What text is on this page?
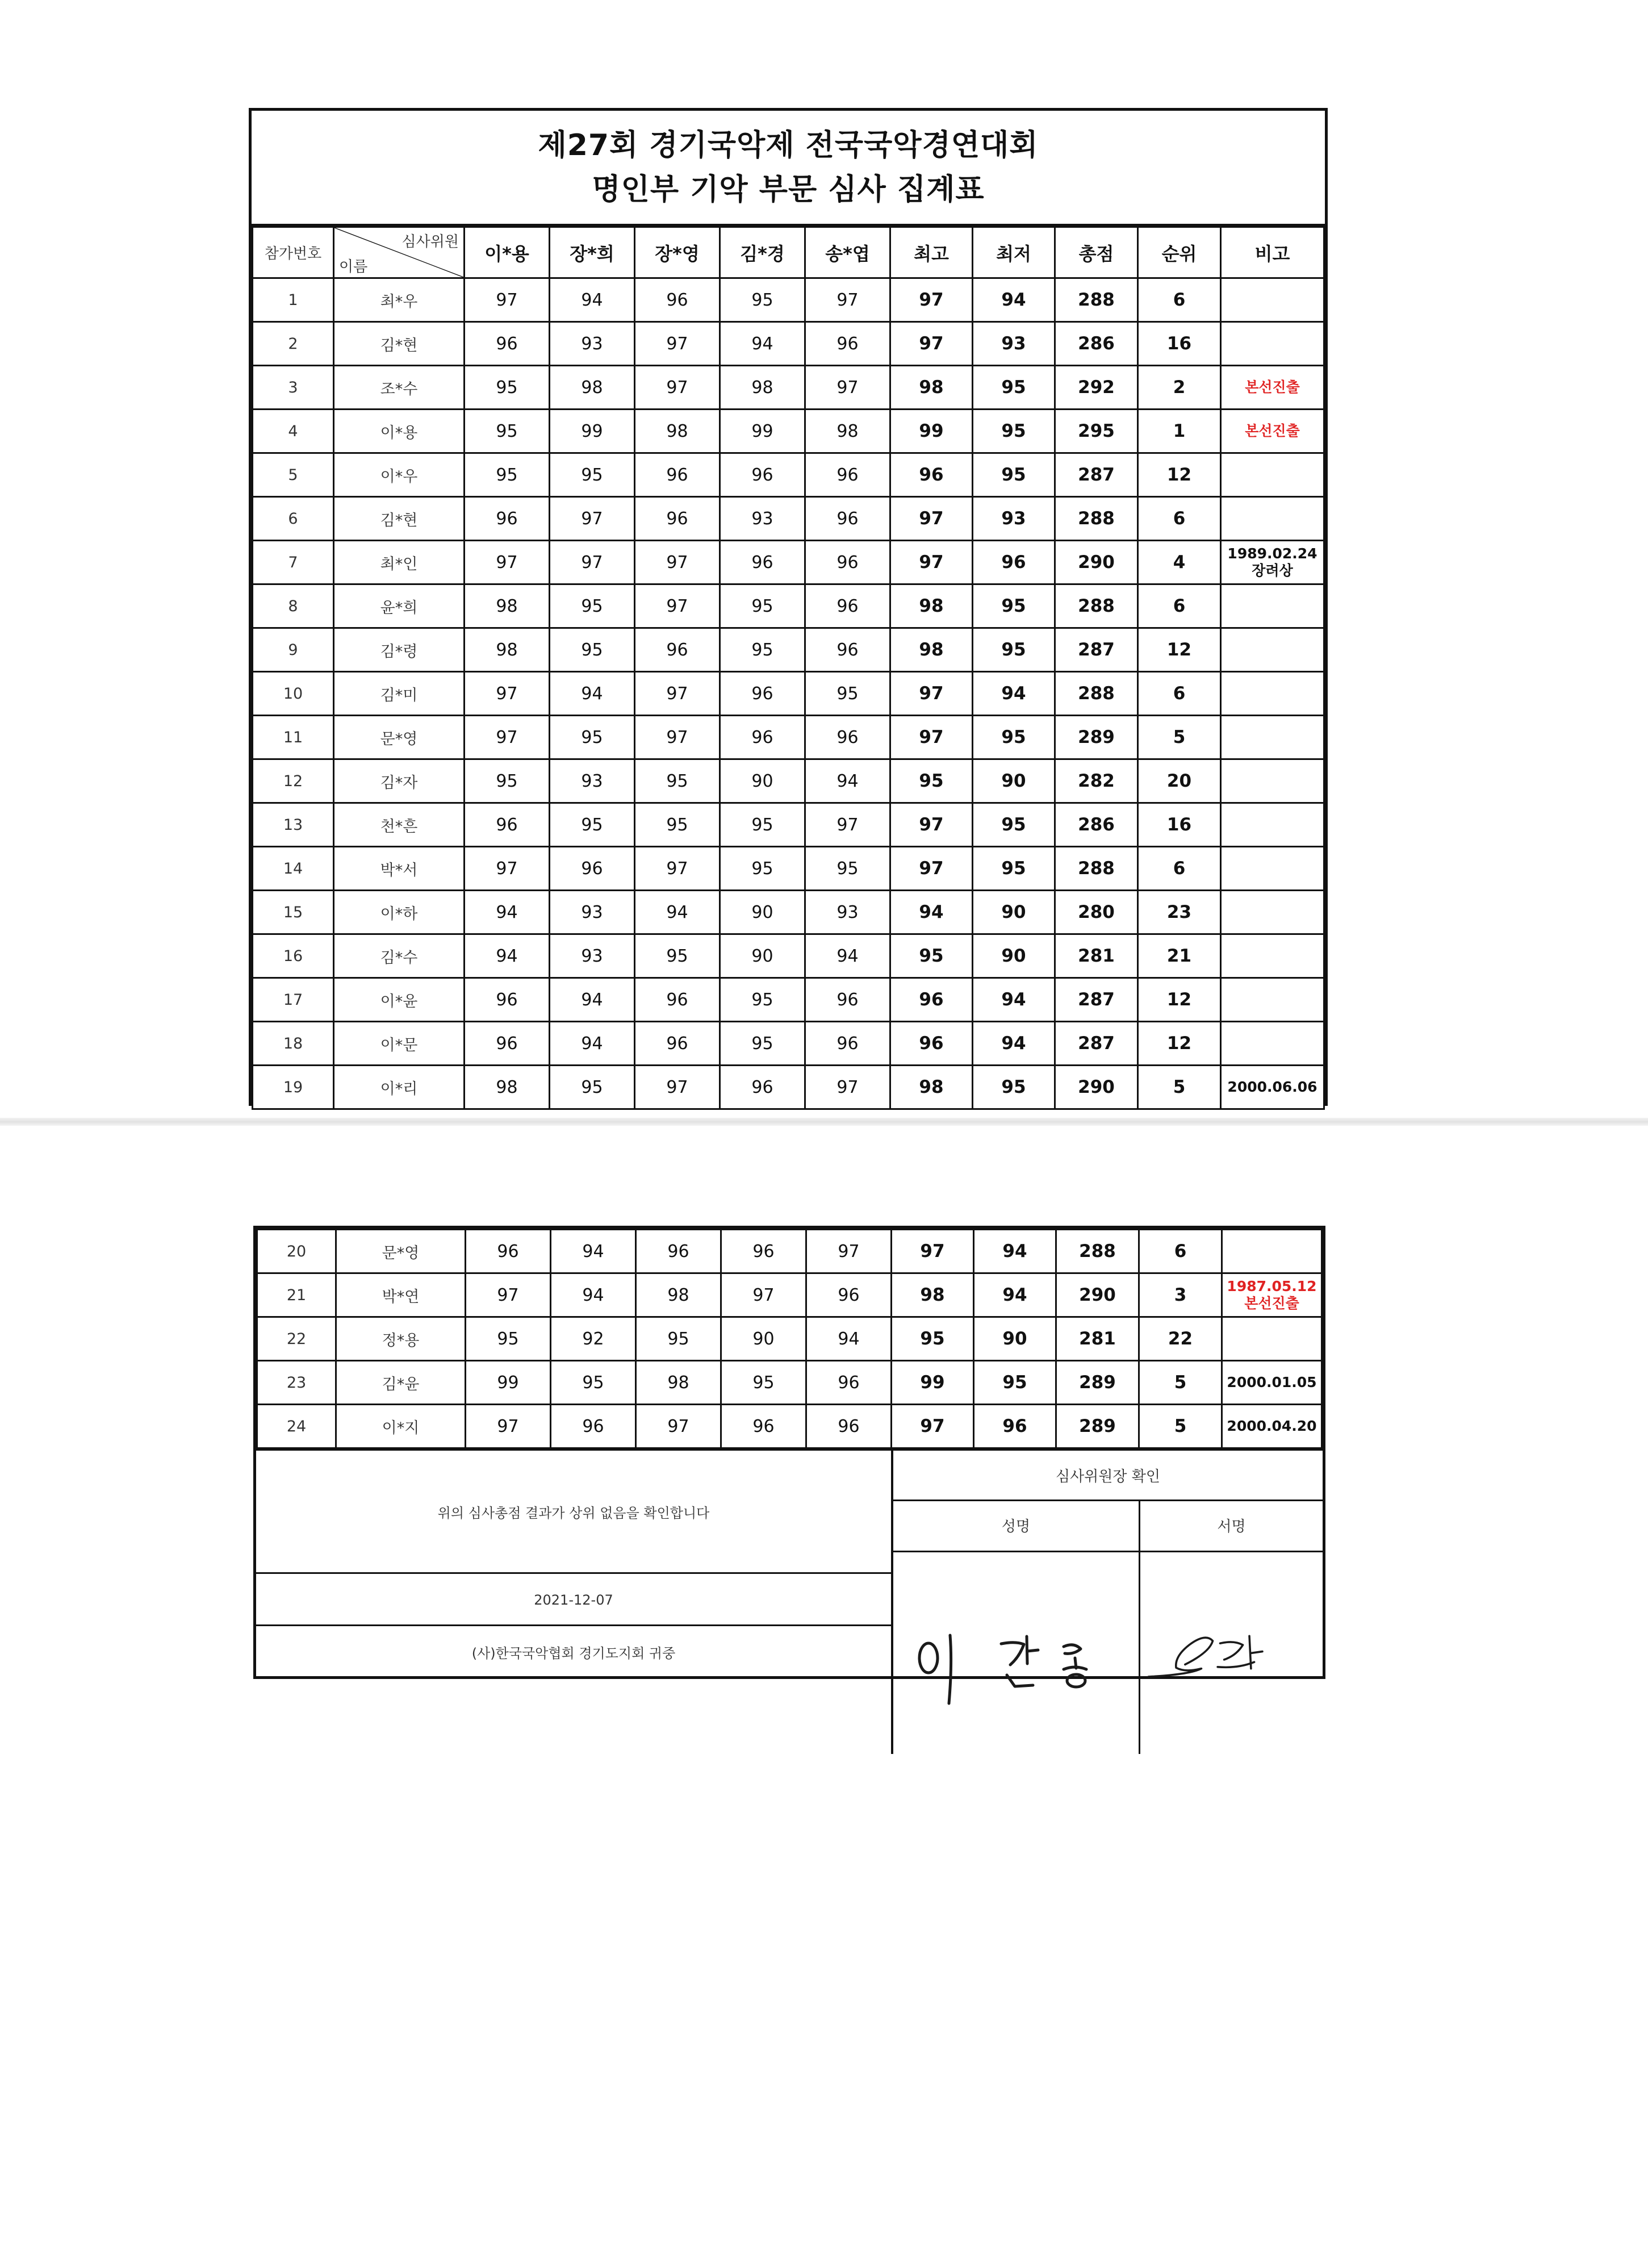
제27회 경기국악제 전국국악경연대회
명인부 기악 부문 심사 집계표
참가번호	심사위원
이름	이*용	장*희	장*영	김*경	송*엽	최고	최저	총점	순위	비고
1	최*우	97	94	96	95	97	97	94	288	6	
2	김*현	96	93	97	94	96	97	93	286	16	
3	조*수	95	98	97	98	97	98	95	292	2	본선진출

4	이*용	95	99	98	99	98	99	95	295	1	본선진출

5	이*우	95	95	96	96	96	96	95	287	12	
6	김*현	96	97	96	93	96	97	93	288	6	
7	최*인	97	97	97	96	96	97	96	290	4	1989.02.24
장려상

8	윤*희	98	95	97	95	96	98	95	288	6	
9	김*령	98	95	96	95	96	98	95	287	12	
10	김*미	97	94	97	96	95	97	94	288	6	
11	문*영	97	95	97	96	96	97	95	289	5	
12	김*자	95	93	95	90	94	95	90	282	20	
13	천*흔	96	95	95	95	97	97	95	286	16	
14	박*서	97	96	97	95	95	97	95	288	6	
15	이*하	94	93	94	90	93	94	90	280	23	
16	김*수	94	93	95	90	94	95	90	281	21	
17	이*윤	96	94	96	95	96	96	94	287	12	
18	이*문	96	94	96	95	96	96	94	287	12	
19	이*리	98	95	97	96	97	98	95	290	5	2000.06.06
20	문*영	96	94	96	96	97	97	94	288	6	
21	박*연	97	94	98	97	96	98	94	290	3	1987.05.12
본선진출

22	정*용	95	92	95	90	94	95	90	281	22	
23	김*윤	99	95	98	95	96	99	95	289	5	2000.01.05

24	이*지	97	96	97	96	96	97	96	289	5	2000.04.20
위의 심사총점 결과가 상위 없음을 확인합니다
2021-12-07
(사)한국국악협회 경기도지회 귀중
심사위원장 확인
성명	서명
